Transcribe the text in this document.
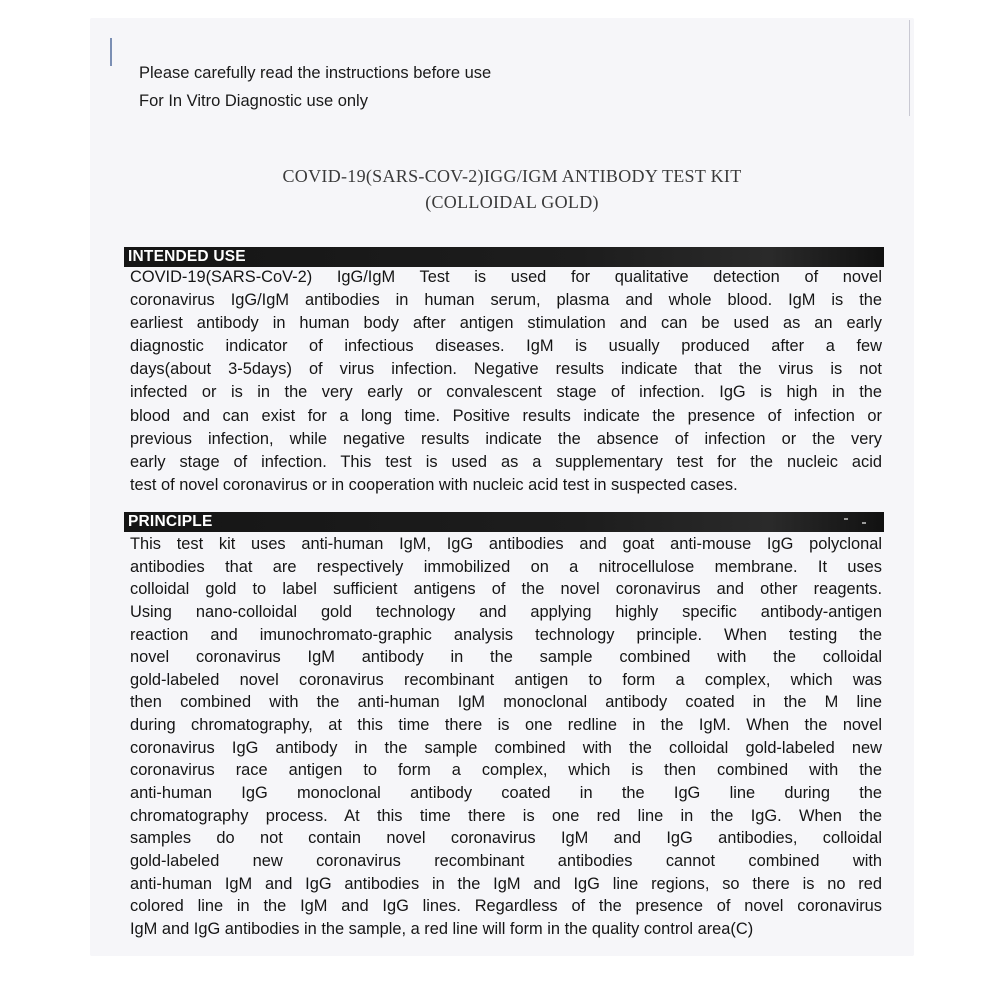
Please carefully read the instructions before use
For In Vitro Diagnostic use only
COVID-19(SARS-COV-2)IGG/IGM ANTIBODY TEST KIT
(COLLOIDAL GOLD)
INTENDED USE
COVID-19(SARS-CoV-2) IgG/IgM Test is used for qualitative detection of novel
coronavirus IgG/IgM antibodies in human serum, plasma and whole blood. IgM is the
earliest antibody in human body after antigen stimulation and can be used as an early
diagnostic indicator of infectious diseases. IgM is usually produced after a few
days(about 3-5days) of virus infection. Negative results indicate that the virus is not
infected or is in the very early or convalescent stage of infection. IgG is high in the
blood and can exist for a long time. Positive results indicate the presence of infection or
previous infection, while negative results indicate the absence of infection or the very
early stage of infection. This test is used as a supplementary test for the nucleic acid
test of novel coronavirus or in cooperation with nucleic acid test in suspected cases.
PRINCIPLE
This test kit uses anti-human IgM, IgG antibodies and goat anti-mouse IgG polyclonal
antibodies that are respectively immobilized on a nitrocellulose membrane. It uses
colloidal gold to label sufficient antigens of the novel coronavirus and other reagents.
Using nano-colloidal gold technology and applying highly specific antibody-antigen
reaction and imunochromato-graphic analysis technology principle. When testing the
novel coronavirus IgM antibody in the sample combined with the colloidal
gold-labeled novel coronavirus recombinant antigen to form a complex, which was
then combined with the anti-human IgM monoclonal antibody coated in the M line
during chromatography, at this time there is one redline in the IgM. When the novel
coronavirus IgG antibody in the sample combined with the colloidal gold-labeled new
coronavirus race antigen to form a complex, which is then combined with the
anti-human IgG monoclonal antibody coated in the IgG line during the
chromatography process. At this time there is one red line in the IgG. When the
samples do not contain novel coronavirus IgM and IgG antibodies, colloidal
gold-labeled new coronavirus recombinant antibodies cannot combined with
anti-human IgM and IgG antibodies in the IgM and IgG line regions, so there is no red
colored line in the IgM and IgG lines. Regardless of the presence of novel coronavirus
IgM and IgG antibodies in the sample, a red line will form in the quality control area(C)
